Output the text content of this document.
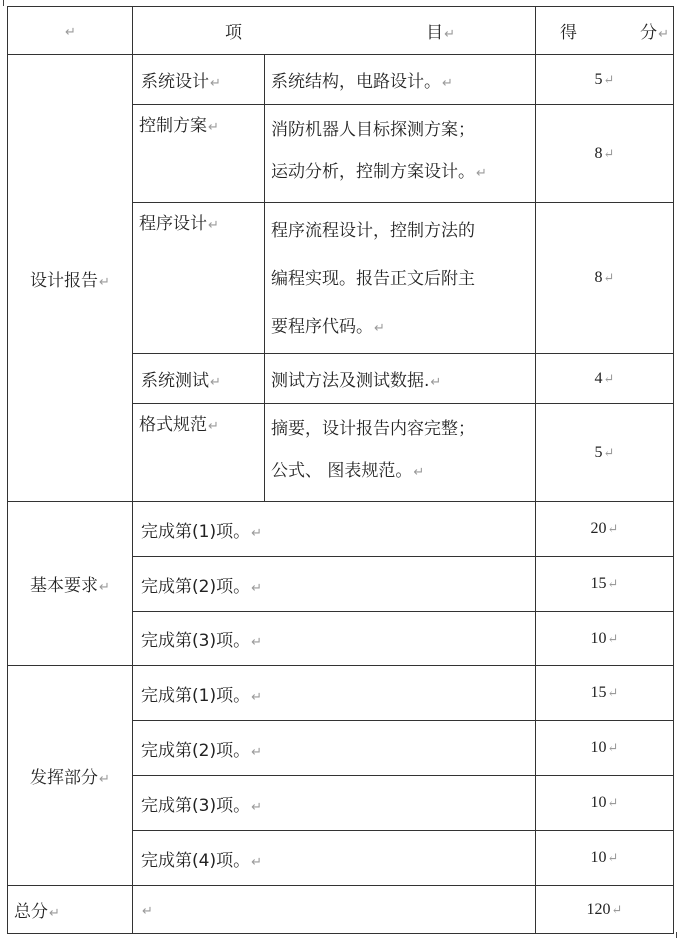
↵	项 目↵		得 分↵

设计报告↵	系统设计↵	系统结构，电路设计。↵	5↵
	控制方案↵	消防机器人目标探测方案；
运动分析，控制方案设计。↵	8↵
	程序设计↵	程序流程设计，控制方法的
编程实现。报告正文后附主
要程序代码。↵	8↵
	系统测试↵	测试方法及测试数据.↵	4↵
	格式规范↵	摘要，设计报告内容完整；
公式、 图表规范。↵	5↵
基本要求↵	完成第(1)项。↵		20↵
	完成第(2)项。↵		15↵
	完成第(3)项。↵		10↵
发挥部分↵	完成第(1)项。↵		15↵
	完成第(2)项。↵		10↵
	完成第(3)项。↵		10↵
	完成第(4)项。↵		10↵
总分↵	↵		120↵
